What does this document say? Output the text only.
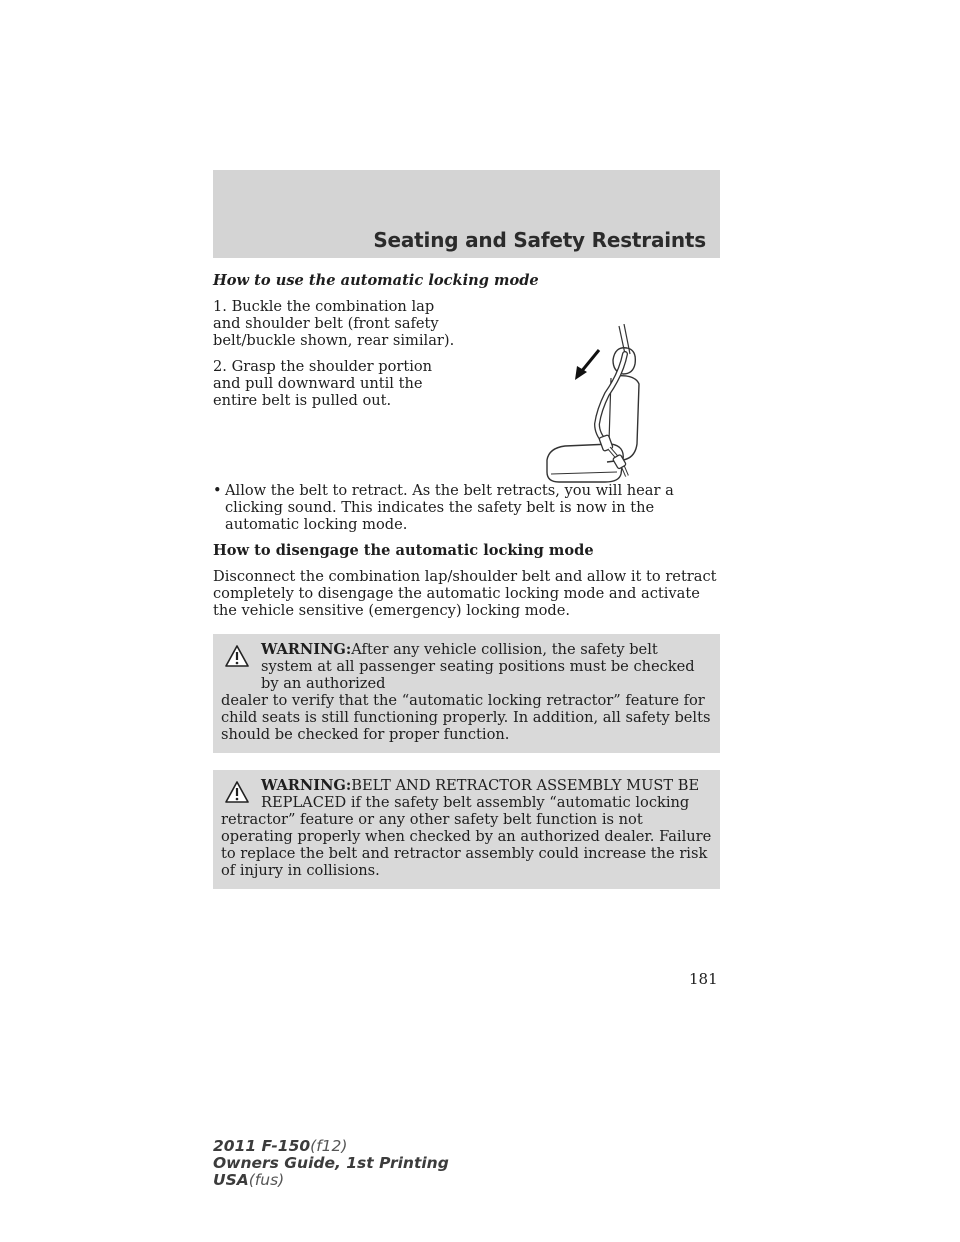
Seating and Safety Restraints
How to use the automatic locking mode

1. Buckle the combination lap and shoulder belt (front safety belt/buckle shown, rear similar).

2. Grasp the shoulder portion and pull downward until the entire belt is pulled out.

• Allow the belt to retract. As the belt retracts, you will hear a clicking sound. This indicates the safety belt is now in the automatic locking mode.
How to disengage the automatic locking mode

Disconnect the combination lap/shoulder belt and allow it to retract completely to disengage the automatic locking mode and activate the vehicle sensitive (emergency) locking mode.

WARNING:After any vehicle collision, the safety belt system at all passenger seating positions must be checked by an authorized

dealer to verify that the “automatic locking retractor” feature for child seats is still functioning properly. In addition, all safety belts should be checked for proper function.

WARNING:BELT AND RETRACTOR ASSEMBLY MUST BE REPLACED if the safety belt assembly “automatic locking

retractor” feature or any other safety belt function is not operating properly when checked by an authorized dealer. Failure to replace the belt and retractor assembly could increase the risk of injury in collisions.

181
2011 F-150(f12)
Owners Guide, 1st Printing
USA(fus)
